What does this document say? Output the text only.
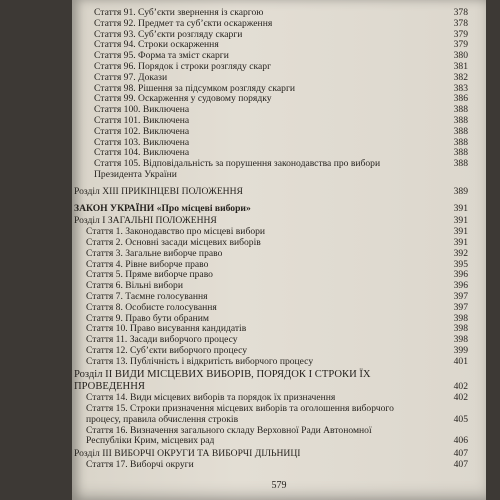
Стаття 91. Суб’єкти звернення із скаргою	378
Стаття 92. Предмет та суб’єкти оскарження	378
Стаття 93. Суб’єкти розгляду скарги	379
Стаття 94. Строки оскарження	379
Стаття 95. Форма та зміст скарги	380
Стаття 96. Порядок і строки розгляду скарг	381
Стаття 97. Докази	382
Стаття 98. Рішення за підсумком розгляду скарги	383
Стаття 99. Оскарження у судовому порядку	386
Стаття 100. Виключена	388
Стаття 101. Виключена	388
Стаття 102. Виключена	388
Стаття 103. Виключена	388
Стаття 104. Виключена	388
Стаття 105. Відповідальність за порушення законодавства про вибори	388
Президента України
Розділ XIII ПРИКІНЦЕВІ ПОЛОЖЕННЯ	389
ЗАКОН УКРАЇНИ «Про місцеві вибори»	391
Розділ І ЗАГАЛЬНІ ПОЛОЖЕННЯ	391
Стаття 1. Законодавство про місцеві вибори	391
Стаття 2. Основні засади місцевих виборів	391
Стаття 3. Загальне виборче право	392
Стаття 4. Рівне виборче право	395
Стаття 5. Пряме виборче право	396
Стаття 6. Вільні вибори	396
Стаття 7. Таємне голосування	397
Стаття 8. Особисте голосування	397
Стаття 9. Право бути обраним	398
Стаття 10. Право висування кандидатів	398
Стаття 11. Засади виборчого процесу	398
Стаття 12. Суб’єкти виборчого процесу	399
Стаття 13. Публічність і відкритість виборчого процесу	401
Розділ II ВИДИ МІСЦЕВИХ ВИБОРІВ, ПОРЯДОК І СТРОКИ ЇХ
ПРОВЕДЕННЯ	402
Стаття 14. Види місцевих виборів та порядок їх призначення	402
Стаття 15. Строки призначення місцевих виборів та оголошення виборчого
процесу, правила обчислення строків	405
Стаття 16. Визначення загального складу Верховної Ради Автономної
Республіки Крим, місцевих рад	406
Розділ III ВИБОРЧІ ОКРУГИ ТА ВИБОРЧІ ДІЛЬНИЦІ	407
Стаття 17. Виборчі округи	407
579
